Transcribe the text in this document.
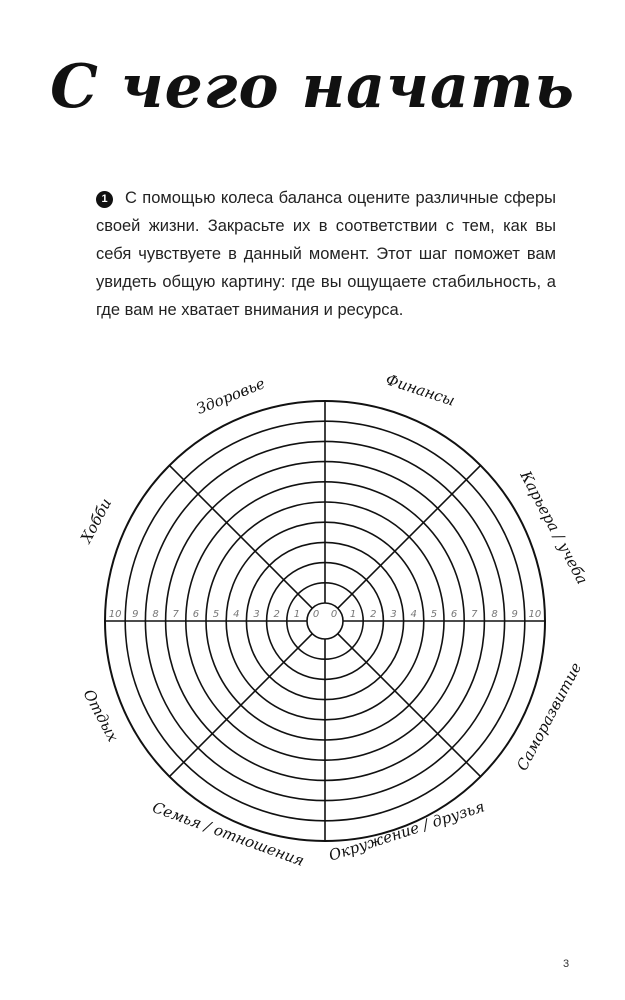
С чего начать
1 С помощью колеса баланса оцените различные сферы своей жизни. Закрасьте их в соответствии с тем, как вы себя чувствуете в данный момент. Этот шаг поможет вам увидеть общую картину: где вы ощущаете стабильность, а где вам не хватает внимания и ресурса.
10 9 8 7 6 5 4 3 2 1 0 0 1 2 3 4 5 6 7 8 9 10
Здоровье	Финансы
Карьера / учеба
Саморазвитие
Окружение / друзья
Семья / отношения
Отдых
Хобби
3
